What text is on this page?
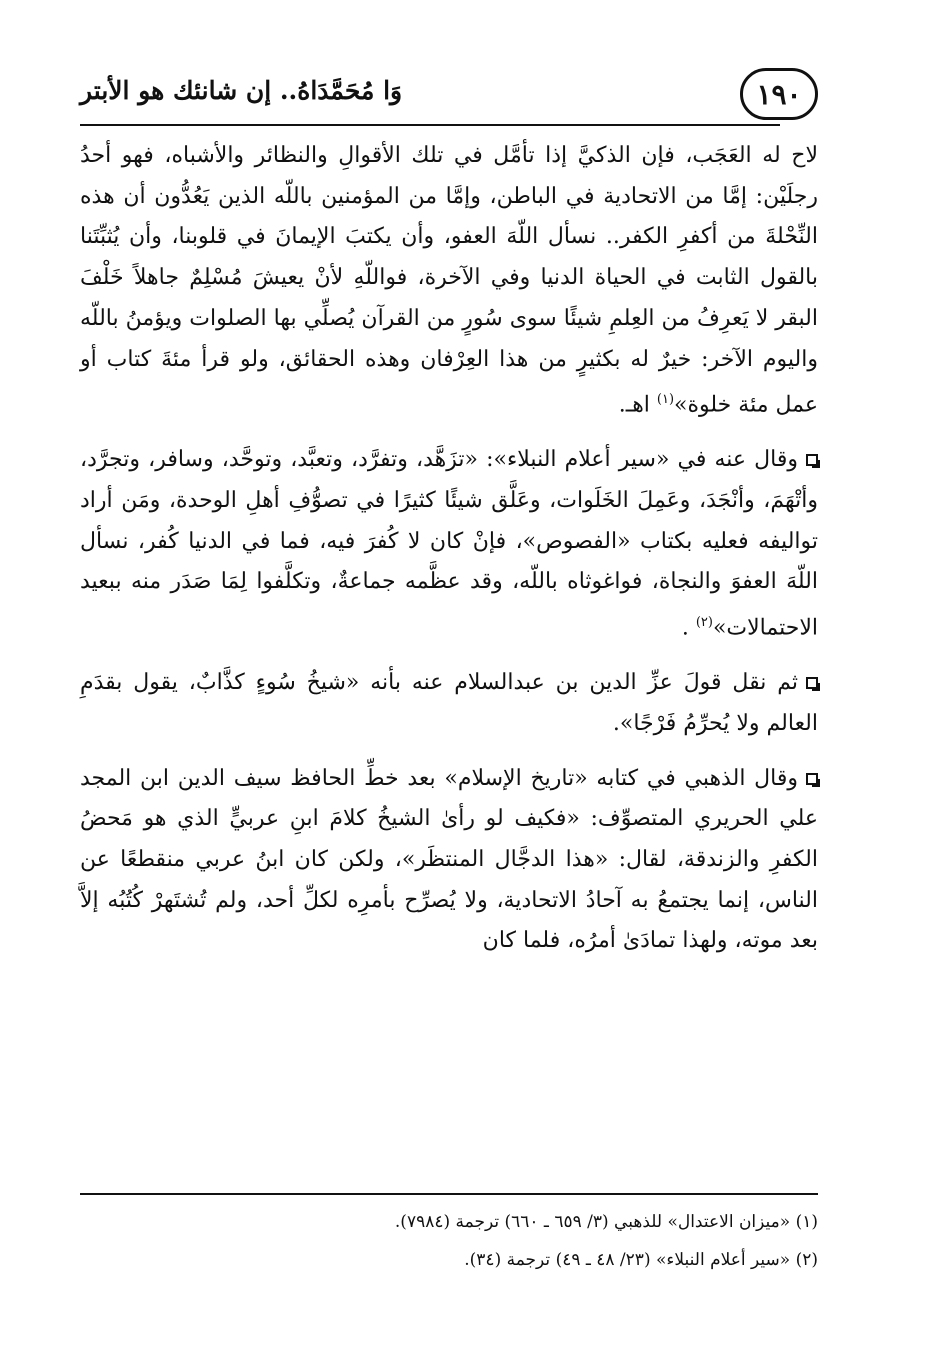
١٩٠
وَا مُحَمَّدَاهُ.. إن شانئك هو الأبتر

لاح له العَجَب، فإن الذكيَّ إذا تأمَّل في تلك الأقوالِ والنظائر والأشباه، فهو أحدُ رجلَيْن: إمَّا من الاتحادية في الباطن، وإمَّا من المؤمنين باللّه الذين يَعُدُّون أن هذه النِّحْلةَ من أكفرِ الكفر.. نسأل اللّهَ العفو، وأن يكتبَ الإيمانَ في قلوبنا، وأن يُثبِّتَنا بالقول الثابت في الحياة الدنيا وفي الآخرة، فواللّهِ لأنْ يعيشَ مُسْلِمٌ جاهلاً خَلْفَ البقر لا يَعرِفُ من العِلمِ شيئًا سوى سُورٍ من القرآن يُصلِّي بها الصلوات ويؤمنُ باللّه واليوم الآخر: خيرٌ له بكثيرٍ من هذا العِرْفان وهذه الحقائق، ولو قرأ مئةَ كتاب أو عمل مئة خلوة»$^{(١)}$ اهـ.

وقال عنه في «سير أعلام النبلاء»: «تزَهَّد، وتفرَّد، وتعبَّد، وتوحَّد، وسافر، وتجرَّد، وأتْهَمَ، وأنْجَدَ، وعَمِلَ الخَلَوات، وعَلَّق شيئًا كثيرًا في تصوُّفِ أهلِ الوحدة، ومَن أراد تواليفه فعليه بكتاب «الفصوص»، فإنْ كان لا كُفرَ فيه، فما في الدنيا كُفر، نسأل اللّهَ العفوَ والنجاة، فواغوثاه باللّه، وقد عظَّمه جماعةٌ، وتكلَّفوا لِمَا صَدَر منه ببعيد الاحتمالات»$^{(٢)}$ .

ثم نقل قولَ عزِّ الدين بن عبدالسلام عنه بأنه «شيخُ سُوءٍ كذَّابٌ، يقول بقدَمِ العالم ولا يُحرِّمُ فَرْجًا».

وقال الذهبي في كتابه «تاريخ الإسلام» بعد خطِّ الحافظ سيف الدين ابن المجد علي الحريري المتصوِّف: «فكيف لو رأىٰ الشيخُ كلامَ ابنِ عربيٍّ الذي هو مَحضُ الكفرِ والزندقة، لقال: «هذا الدجَّال المنتظَر»، ولكن كان ابنُ عربي منقطعًا عن الناس، إنما يجتمعُ به آحادُ الاتحادية، ولا يُصرِّح بأمرِه لكلِّ أحد، ولم تُشتَهرْ كُتُبُه إلاَّ بعد موته، ولهذا تمادَىٰ أمرُه، فلما كان

(١) «ميزان الاعتدال» للذهبي (٣/ ٦٥٩ ـ ٦٦٠) ترجمة (٧٩٨٤).

(٢) «سير أعلام النبلاء» (٢٣/ ٤٨ ـ ٤٩) ترجمة (٣٤).
